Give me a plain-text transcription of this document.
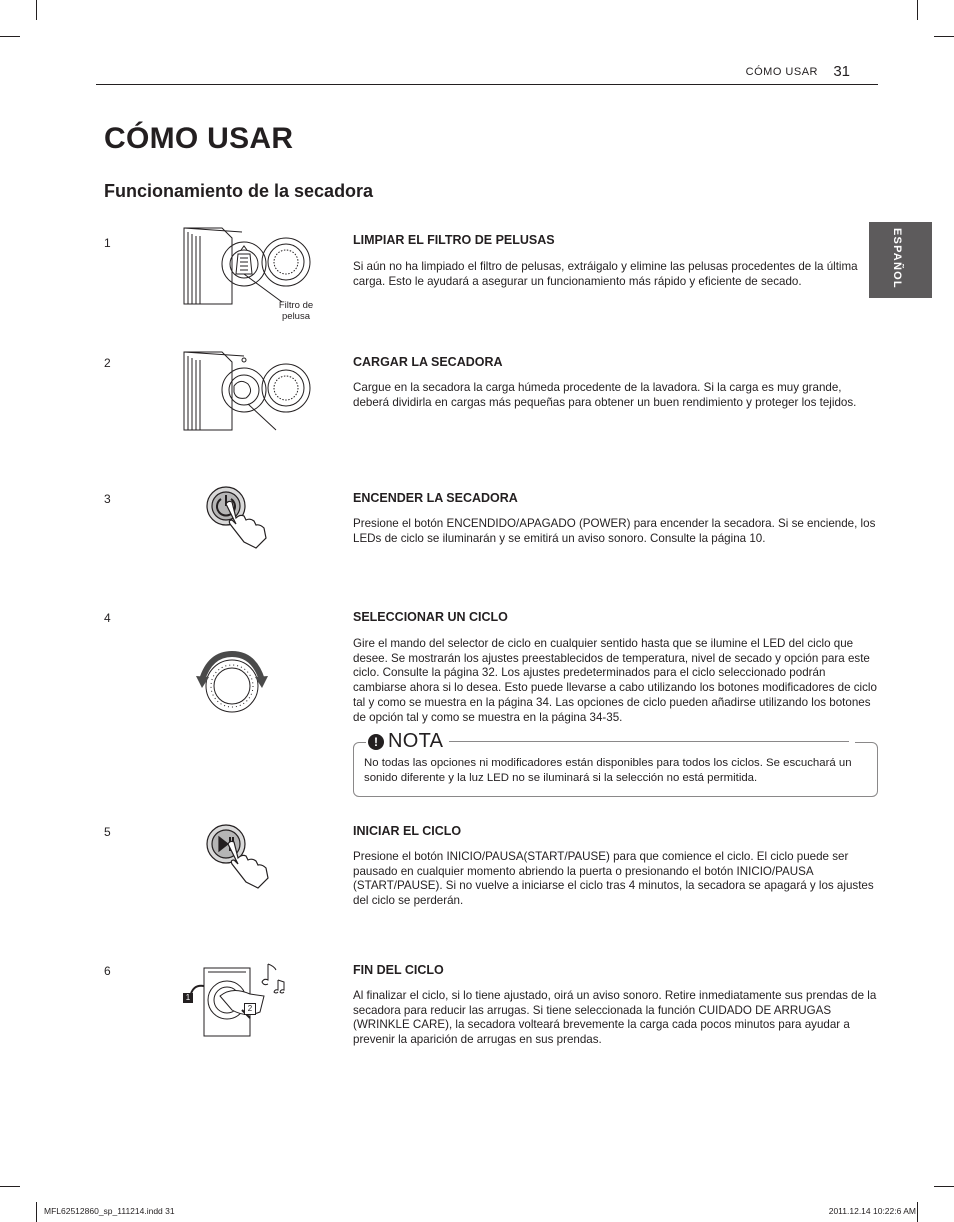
CÓMO USAR 31
CÓMO USAR
Funcionamiento de la secadora
ESPAÑOL
1
Filtro de pelusa
LIMPIAR EL FILTRO DE PELUSAS

Si aún no ha limpiado el filtro de pelusas, extráigalo y elimine las pelusas procedentes de la última carga. Esto le ayudará a asegurar un funcionamiento más rápido y eficiente de secado.

2	CARGAR LA SECADORA

Cargue en la secadora la carga húmeda procedente de la lavadora. Si la carga es muy grande, deberá dividirla en cargas más pequeñas para obtener un buen rendimiento y proteger los tejidos.

3	ENCENDER LA SECADORA

Presione el botón ENCENDIDO/APAGADO (POWER) para encender la secadora. Si se enciende, los LEDs de ciclo se iluminarán y se emitirá un aviso sonoro. Consulte la página 10.

4	SELECCIONAR UN CICLO

Gire el mando del selector de ciclo en cualquier sentido hasta que se ilumine el LED del ciclo que desee. Se mostrarán los ajustes preestablecidos de temperatura, nivel de secado y opción para este ciclo. Consulte la página 32. Los ajustes predeterminados para el ciclo seleccionado podrán cambiarse ahora si lo desea. Esto puede llevarse a cabo utilizando los botones modificadores de ciclo tal y como se muestra en la página 34. Las opciones de ciclo pueden añadirse utilizando los botones de opción tal y como se muestra en la página 34-35.

! NOTA

No todas las opciones ni modificadores están disponibles para todos los ciclos. Se escuchará un sonido diferente y la luz LED no se iluminará si la selección no está permitida.

5	INICIAR EL CICLO

Presione el botón INICIO/PAUSA(START/PAUSE) para que comience el ciclo. El ciclo puede ser pausado en cualquier momento abriendo la puerta o presionando el botón INICIO/PAUSA (START/PAUSE). Si no vuelve a iniciarse el ciclo tras 4 minutos, la secadora se apagará y los ajustes del ciclo se perderán.

6
1
2
FIN DEL CICLO

Al finalizar el ciclo, si lo tiene ajustado, oirá un aviso sonoro. Retire inmediatamente sus prendas de la secadora para reducir las arrugas. Si tiene seleccionada la función CUIDADO DE ARRUGAS (WRINKLE CARE), la secadora volteará brevemente la carga cada pocos minutos para ayudar a prevenir la aparición de arrugas en sus prendas.

MFL62512860_sp_111214.indd 31	2011.12.14 10:22:6 AM
